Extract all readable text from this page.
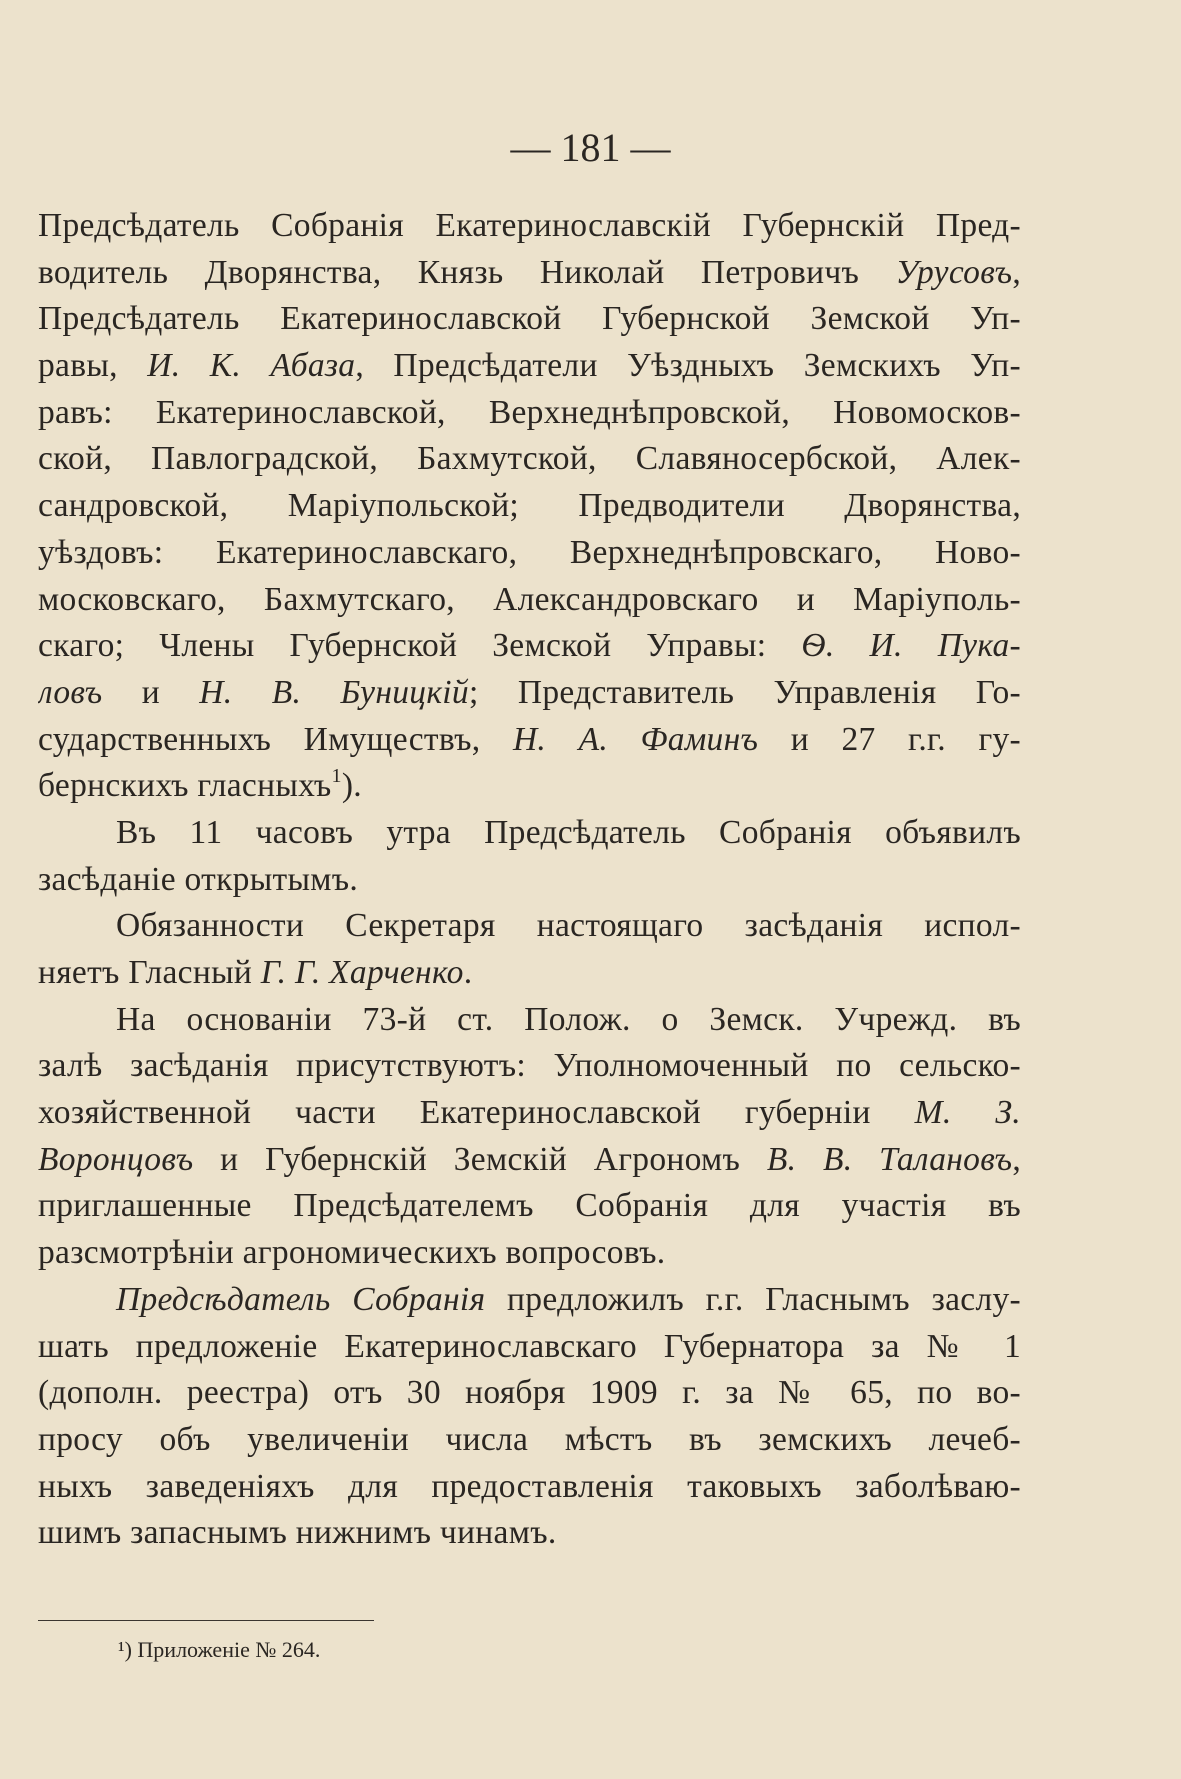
— 181 —
Предсѣдатель Собранія Екатеринославскій Губернскій Пред-
водитель Дворянства, Князь Николай Петровичъ Урусовъ,
Предсѣдатель Екатеринославской Губернской Земской Уп-
равы, И. К. Абаза, Предсѣдатели Уѣздныхъ Земскихъ Уп-
равъ: Екатеринославской, Верхнеднѣпровской, Новомосков-
ской, Павлоградской, Бахмутской, Славяносербской, Алек-
сандровской, Маріупольской; Предводители Дворянства,
уѣздовъ: Екатеринославскаго, Верхнеднѣпровскаго, Ново-
московскаго, Бахмутскаго, Александровскаго и Маріуполь-
скаго; Члены Губернской Земской Управы: Ѳ. И. Пука-
ловъ и Н. В. Буницкій; Представитель Управленія Го-
сударственныхъ Имуществъ, Н. А. Фаминъ и 27 г.г. гу-
бернскихъ гласныхъ$^1$).
Въ 11 часовъ утра Предсѣдатель Собранія объявилъ
засѣданіе открытымъ.
Обязанности Секретаря настоящаго засѣданія испол-
няетъ Гласный Г. Г. Харченко.
На основаніи 73-й ст. Полож. о Земск. Учрежд. въ
залѣ засѣданія присутствуютъ: Уполномоченный по сельско-
хозяйственной части Екатеринославской губерніи М. З.
Воронцовъ и Губернскій Земскій Агрономъ В. В. Талановъ,
приглашенные Предсѣдателемъ Собранія для участія въ
разсмотрѣніи агрономическихъ вопросовъ.
Предсѣдатель Собранія предложилъ г.г. Гласнымъ заслу-
шать предложеніе Екатеринославскаго Губернатора за № 1
(дополн. реестра) отъ 30 ноября 1909 г. за № 65, по во-
просу объ увеличеніи числа мѣстъ въ земскихъ лечеб-
ныхъ заведеніяхъ для предоставленія таковыхъ заболѣваю-
шимъ запаснымъ нижнимъ чинамъ.
¹) Приложеніе № 264.
